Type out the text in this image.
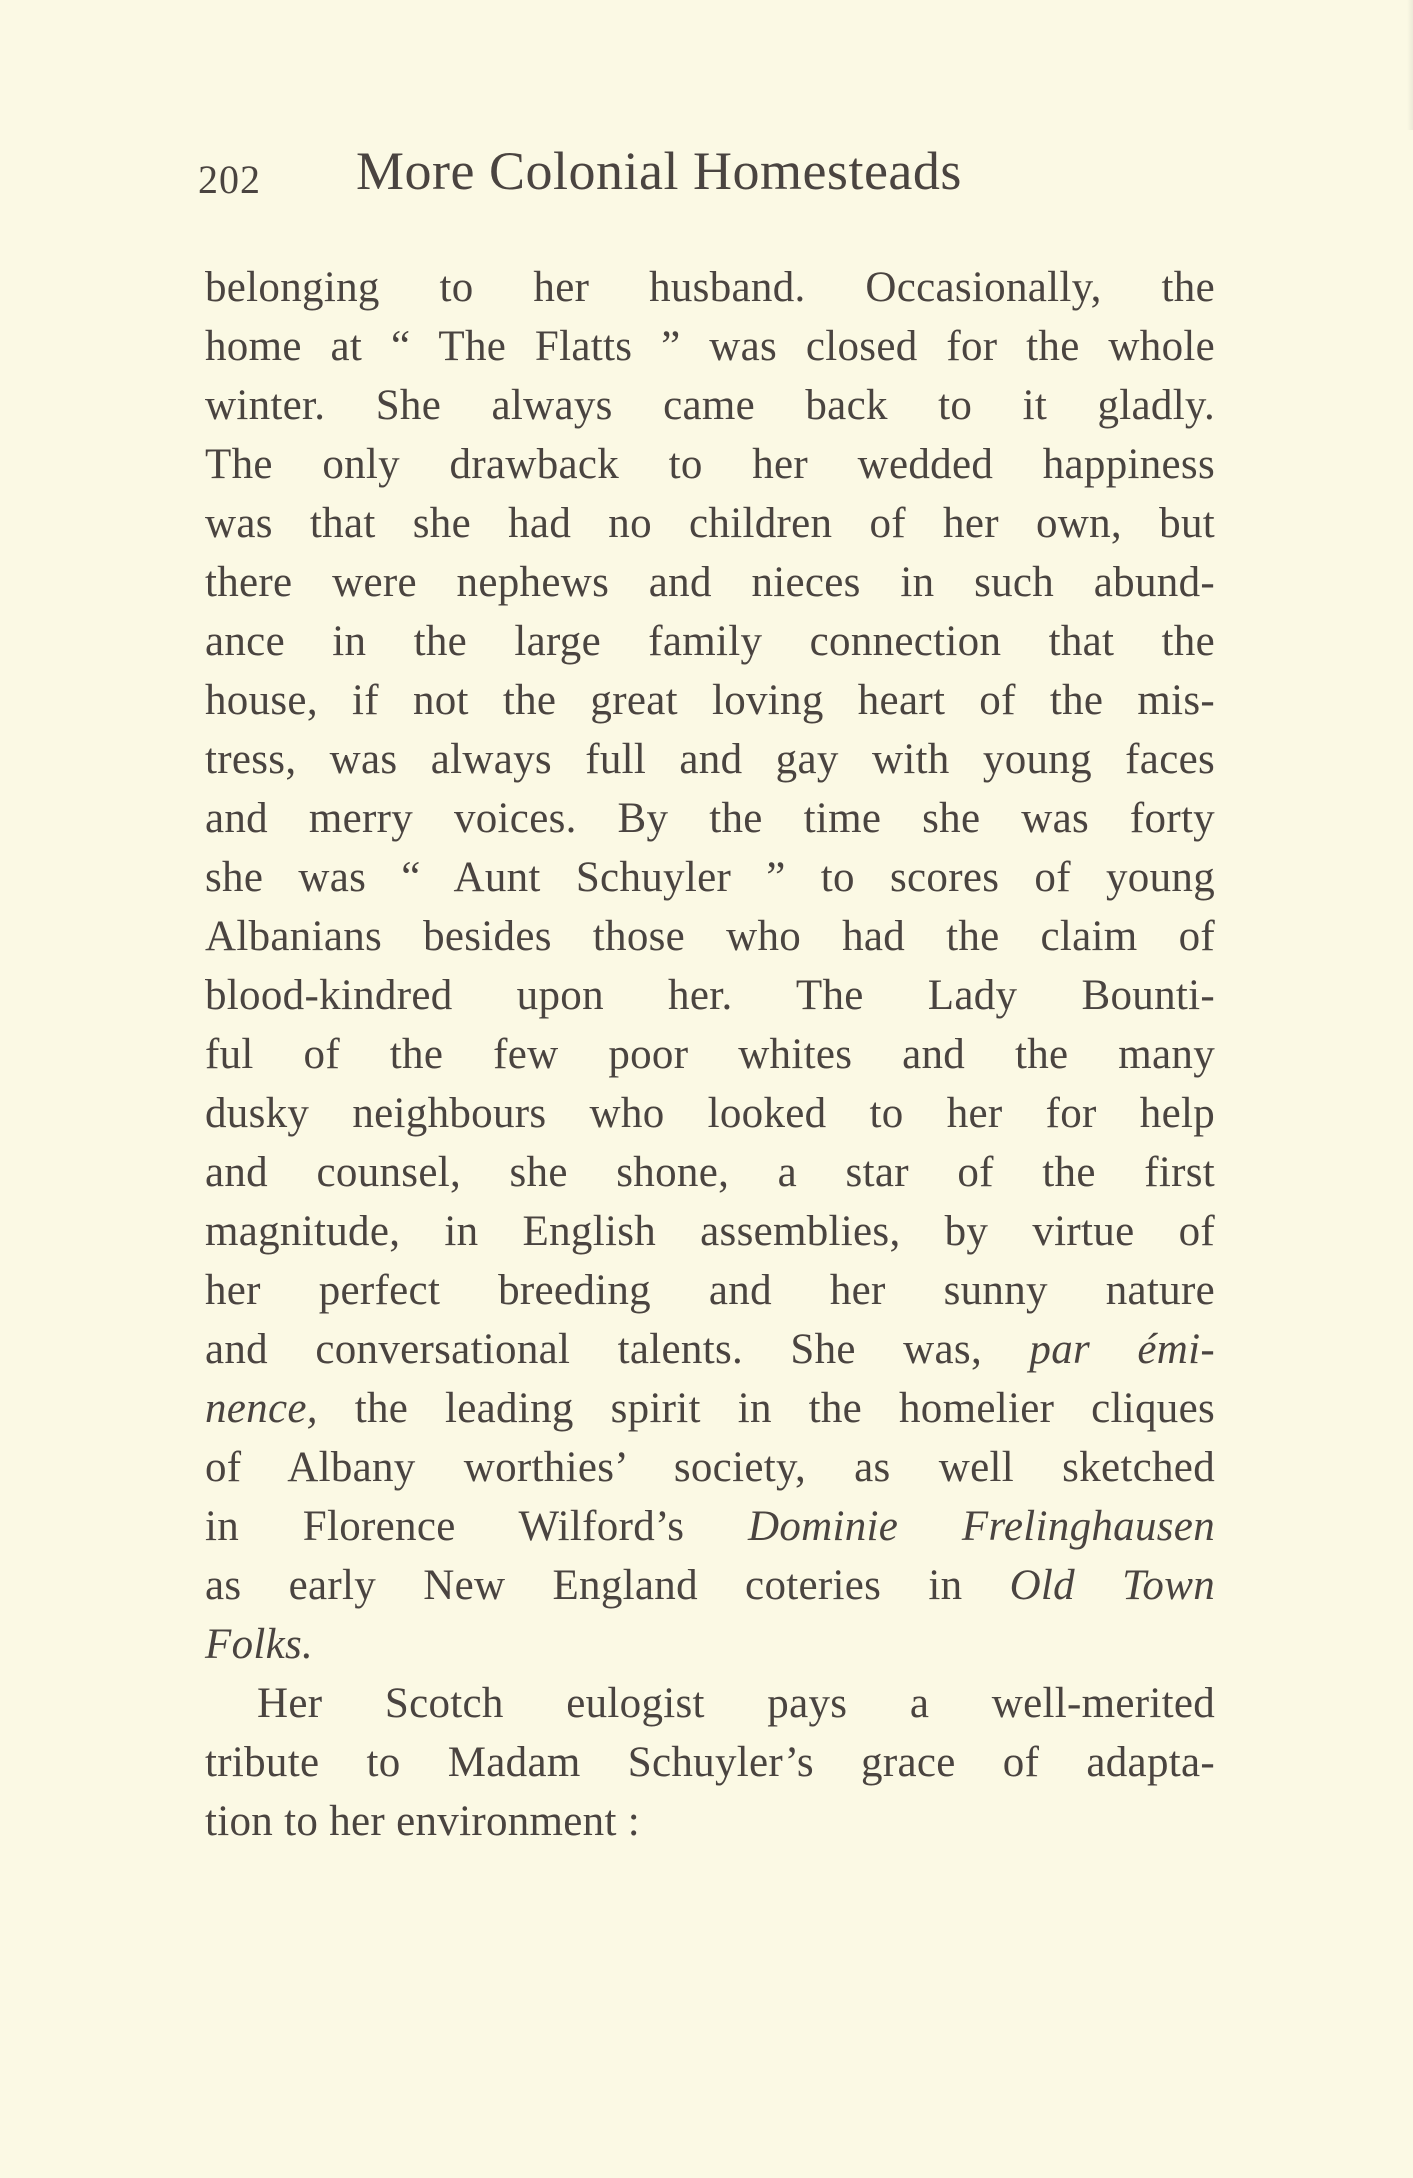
202 More Colonial Homesteads
belonging to her husband. Occasionally, the
home at “ The Flatts ” was closed for the whole
winter. She always came back to it gladly.
The only drawback to her wedded happiness
was that she had no children of her own, but
there were nephews and nieces in such abund-
ance in the large family connection that the
house, if not the great loving heart of the mis-
tress, was always full and gay with young faces
and merry voices. By the time she was forty
she was “ Aunt Schuyler ” to scores of young
Albanians besides those who had the claim of
blood-kindred upon her. The Lady Bounti-
ful of the few poor whites and the many
dusky neighbours who looked to her for help
and counsel, she shone, a star of the first
magnitude, in English assemblies, by virtue of
her perfect breeding and her sunny nature
and conversational talents. She was, par émi-
nence, the leading spirit in the homelier cliques
of Albany worthies’ society, as well sketched
in Florence Wilford’s Dominie Frelinghausen
as early New England coteries in Old Town
Folks.
Her Scotch eulogist pays a well-merited
tribute to Madam Schuyler’s grace of adapta-
tion to her environment :
